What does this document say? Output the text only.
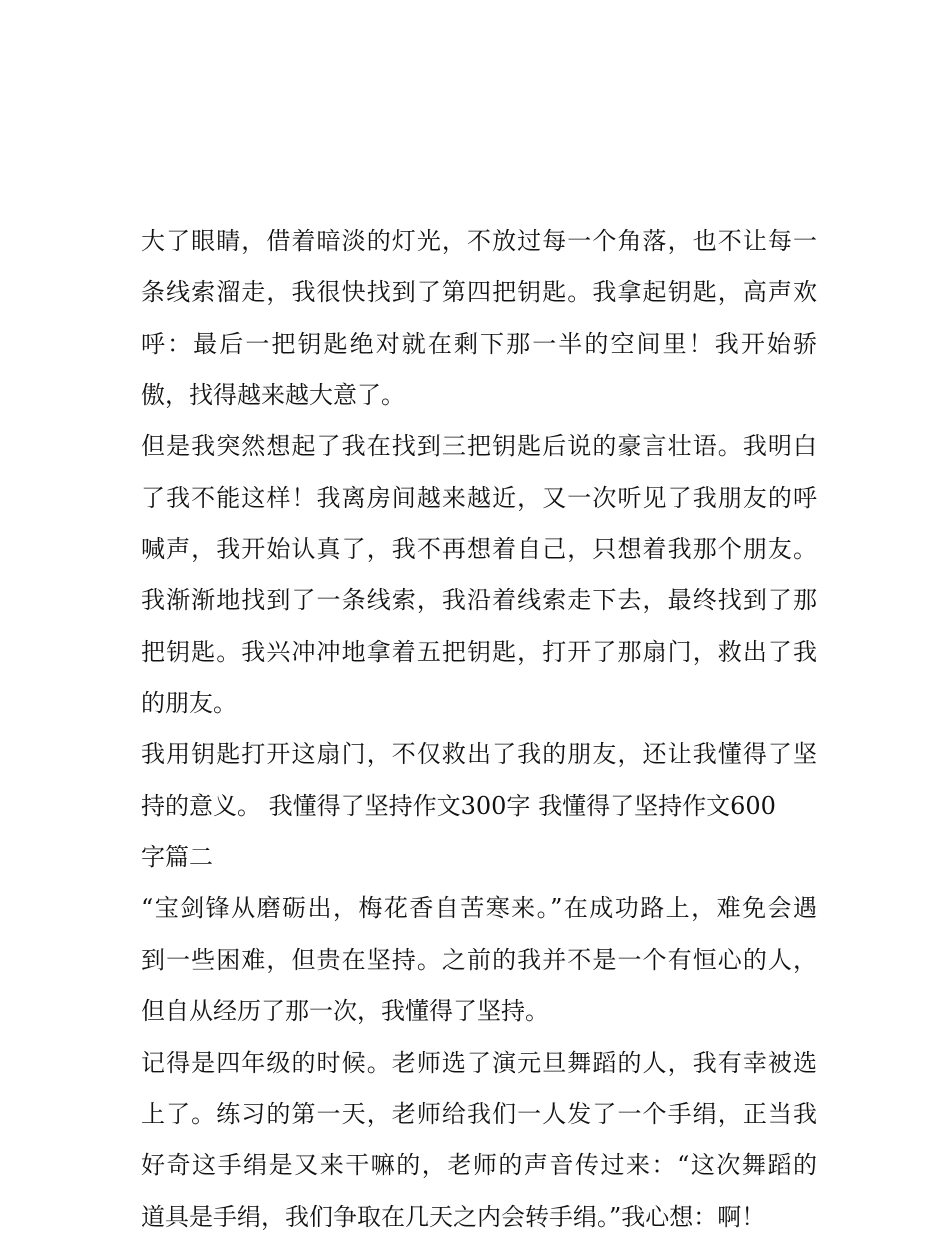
大了眼睛，借着暗淡的灯光，不放过每一个角落，也不让每一
条线索溜走，我很快找到了第四把钥匙。我拿起钥匙，高声欢
呼：最后一把钥匙绝对就在剩下那一半的空间里！我开始骄
傲，找得越来越大意了。
但是我突然想起了我在找到三把钥匙后说的豪言壮语。我明白
了我不能这样！我离房间越来越近，又一次听见了我朋友的呼
喊声，我开始认真了，我不再想着自己，只想着我那个朋友。
我渐渐地找到了一条线索，我沿着线索走下去，最终找到了那
把钥匙。我兴冲冲地拿着五把钥匙，打开了那扇门，救出了我
的朋友。
我用钥匙打开这扇门，不仅救出了我的朋友，还让我懂得了坚
持的意义。 我懂得了坚持作文300字 我懂得了坚持作文600
字篇二
“宝剑锋从磨砺出，梅花香自苦寒来。”在成功路上，难免会遇
到一些困难，但贵在坚持。之前的我并不是一个有恒心的人，
但自从经历了那一次，我懂得了坚持。
记得是四年级的时候。老师选了演元旦舞蹈的人，我有幸被选
上了。练习的第一天，老师给我们一人发了一个手绢，正当我
好奇这手绢是又来干嘛的，老师的声音传过来：“这次舞蹈的
道具是手绢，我们争取在几天之内会转手绢。”我心想：啊！
